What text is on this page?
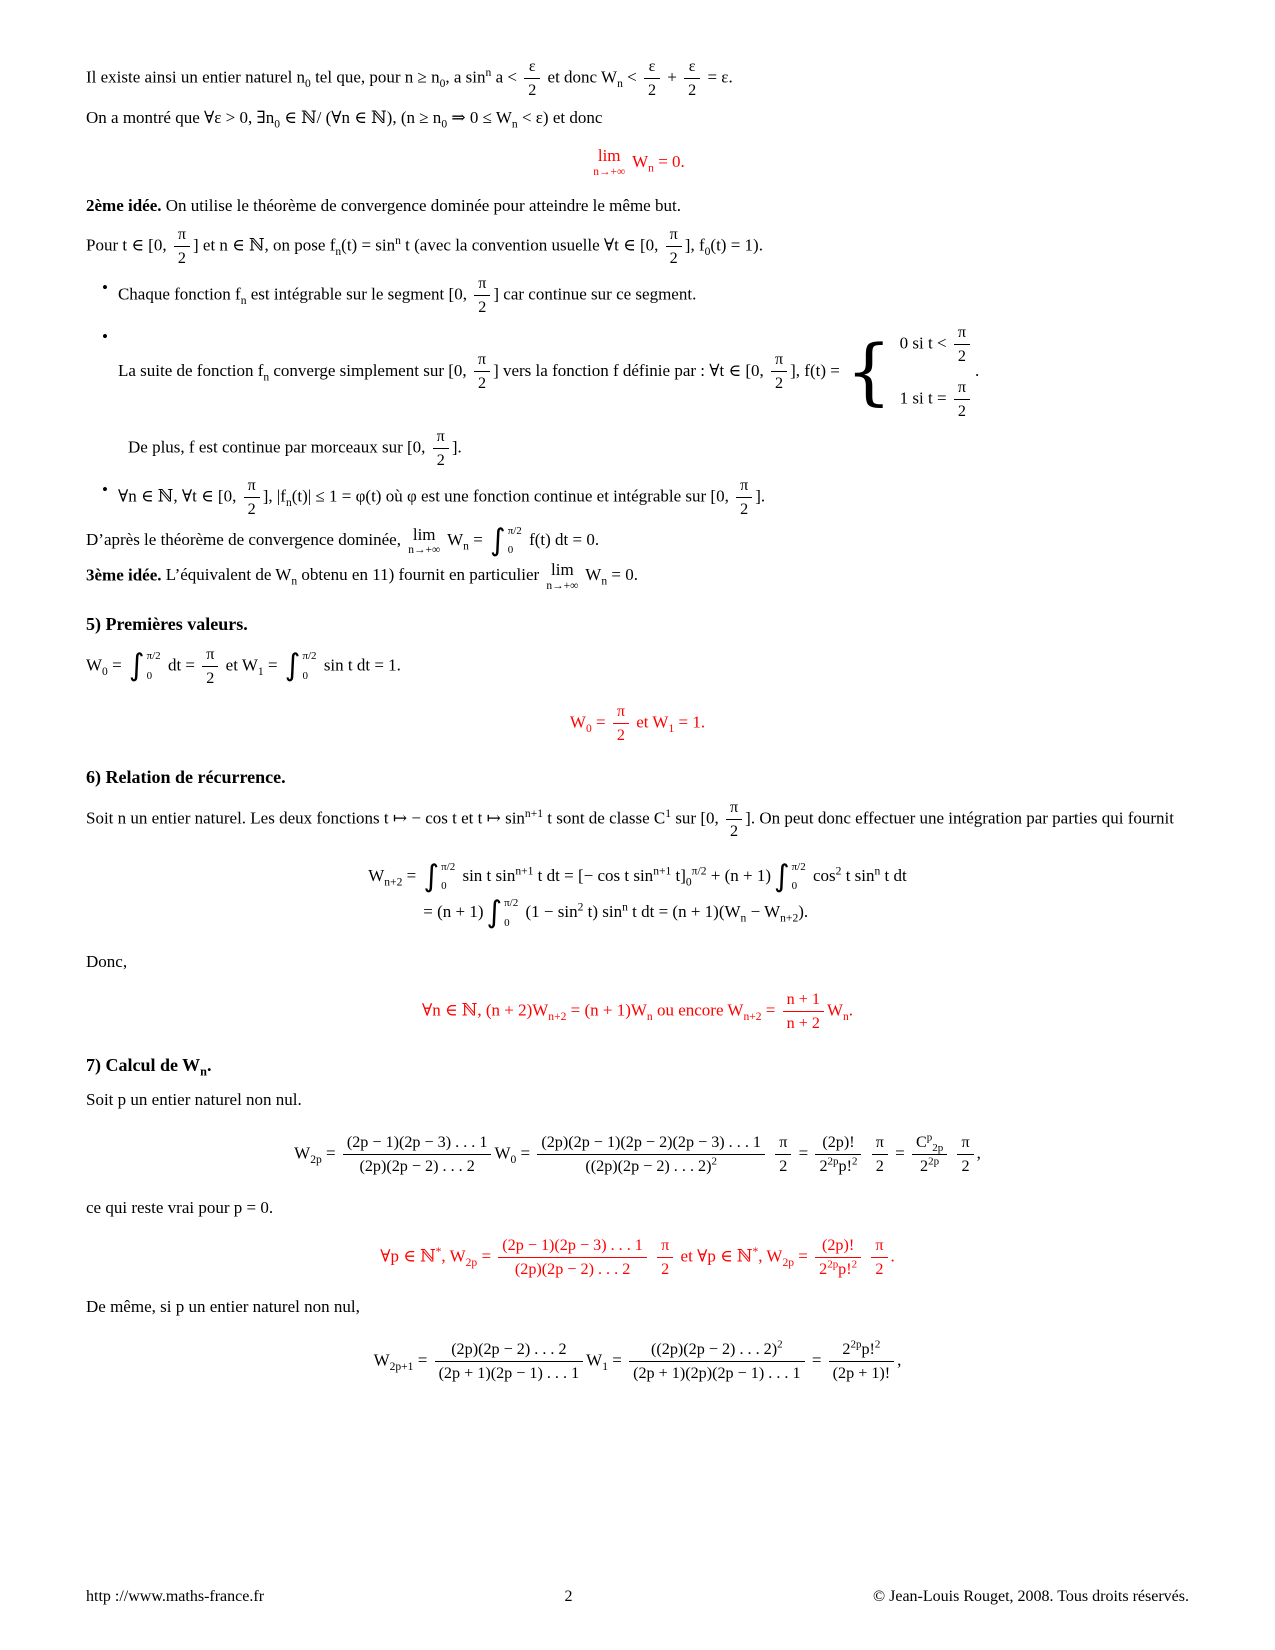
Il existe ainsi un entier naturel $n_0$ tel que, pour $n \ge n_0$, a $\sin^n a < \frac{\varepsilon}{2}$ et donc $W_n < \frac{\varepsilon}{2} + \frac{\varepsilon}{2} = \varepsilon$.

On a montré que ∀ε > 0, $\exists n_0$ ∈ ℕ/ (∀n ∈ ℕ), ($n \ge n_0$ ⇒ $0 \le W_n < \varepsilon$) et donc

lim
n→+∞
$W_n = 0$.

2ème idée. On utilise le théorème de convergence dominée pour atteindre le même but.

Pour t ∈ [0, $\frac{\pi}{2}$ ] et n ∈ ℕ, on pose $f_n(t) = \sin^n t$ (avec la convention usuelle ∀t ∈ [0, $\frac{\pi}{2}$ ], $f_0(t) = 1$).

• Chaque fonction $f_n$ est intégrable sur le segment [0, $\frac{\pi}{2}$ ] car continue sur ce segment.
•
La suite de fonction $f_n$ converge simplement sur [0, $\frac{\pi}{2}$ ] vers la fonction f définie par : ∀t ∈ [0, $\frac{\pi}{2}$ ], f(t) = { 0 si $t < \frac{\pi}{2}$
1 si $t = \frac{\pi}{2}$
.

De plus, f est continue par morceaux sur [0, $\frac{\pi}{2}$ ].

• ∀n ∈ ℕ, ∀t ∈ [0, $\frac{\pi}{2}$ ], $|f_n(t)| \le 1 = \varphi(t)$ où φ est une fonction continue et intégrable sur [0, $\frac{\pi}{2}$ ].

D’après le théorème de convergence dominée, lim
n→+∞
$W_n$ = ∫ π/2
0
f(t) dt = 0.

3ème idée. L’équivalent de $W_n$ obtenu en 11) fournit en particulier lim
n→+∞
$W_n = 0$.

5) Premières valeurs.

$W_0$ = ∫ π/2
0
dt = $\frac{\pi}{2}$ et $W_1$ = ∫ π/2
0
sin t dt = 1.

$W_0 = \frac{\pi}{2}$ et $W_1 = 1$.
6) Relation de récurrence.

Soit n un entier naturel. Les deux fonctions t ↦ − cos t et t ↦ $\sin^{n+1} t$ sont de classe $C^1$ sur [0, $\frac{\pi}{2}$ ]. On peut donc effectuer une intégration par parties qui fournit

$W_{n+2}$ = ∫ π/2
0
sin t $\sin^{n+1} t$ dt = [− cos t $\sin^{n+1} t]_0^{\pi/2} + (n + 1)$ ∫ π/2
0
$\cos^2 t$ $\sin^n t$ dt
= (n + 1) ∫ π/2
0
$(1 - \sin^2 t)$ $\sin^n t$ dt = $(n + 1)(W_n - W_{n+2})$.

Donc,

∀n ∈ ℕ, $(n + 2)W_{n+2} = (n + 1)W_n$ ou encore $W_{n+2} = \frac{n + 1}{n + 2} W_n$.
7) Calcul de $W_n$.

Soit p un entier naturel non nul.

$W_{2p} = \frac{(2p - 1)(2p - 3) . . . 1}{(2p)(2p - 2) . . . 2} W_0 = \frac{(2p)(2p - 1)(2p - 2)(2p - 3) . . . 1}{((2p)(2p - 2) . . . 2)^2}$
$\frac{\pi}{2} = \frac{(2p)!}{2^{2p}p!^2}$
$\frac{\pi}{2} = \frac{C^p_{2p}}{2^{2p}}$
$\frac{\pi}{2}$ ,

ce qui reste vrai pour p = 0.

∀p ∈ ℕ*, $W_{2p} = \frac{(2p - 1)(2p - 3) . . . 1}{(2p)(2p - 2) . . . 2}$
$\frac{\pi}{2}$ et ∀p ∈ ℕ*, $W_{2p} = \frac{(2p)!}{2^{2p}p!^2}$
$\frac{\pi}{2}$ .

De même, si p un entier naturel non nul,

$W_{2p+1} = \frac{(2p)(2p - 2) . . . 2}{(2p + 1)(2p - 1) . . . 1} W_1 = \frac{((2p)(2p - 2) . . . 2)^2}{(2p + 1)(2p)(2p - 1) . . . 1} = \frac{2^{2p}p!^2}{(2p + 1)!}$ ,
http ://www.maths-france.fr	2	© Jean-Louis Rouget, 2008. Tous droits réservés.
